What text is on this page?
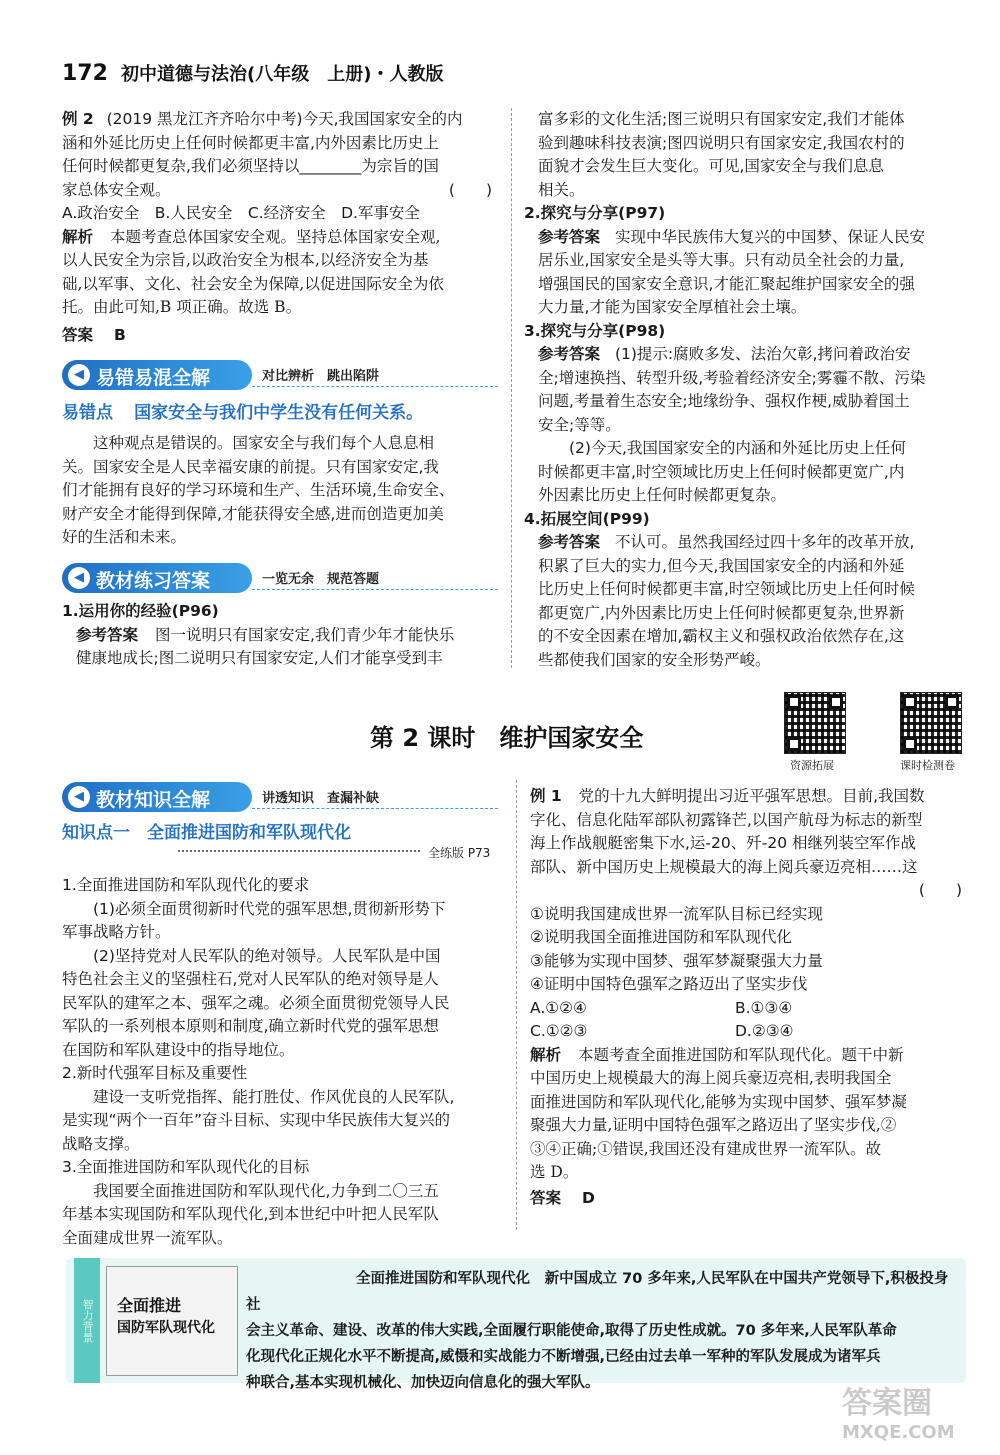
172 初中道德与法治(八年级　上册)・人教版
例 2 (2019 黑龙江齐齐哈尔中考)今天,我国国家安全的内
涵和外延比历史上任何时候都更丰富,内外因素比历史上
任何时候都更复杂,我们必须坚持以________为宗旨的国
家总体安全观。	(　　)
A.政治安全　B.人民安全　C.经济安全　D.军事安全
解析 本题考查总体国家安全观。坚持总体国家安全观,
以人民安全为宗旨,以政治安全为根本,以经济安全为基
础,以军事、文化、社会安全为保障,以促进国际安全为依
托。由此可知,B 项正确。故选 B。
答案 B
◀ 易错易混全解	对比辨析　跳出陷阱
易错点 国家安全与我们中学生没有任何关系。
这种观点是错误的。国家安全与我们每个人息息相
关。国家安全是人民幸福安康的前提。只有国家安定,我
们才能拥有良好的学习环境和生产、生活环境,生命安全、
财产安全才能得到保障,才能获得安全感,进而创造更加美
好的生活和未来。
◀ 教材练习答案	一览无余　规范答题
1.运用你的经验(P96)
参考答案 图一说明只有国家安定,我们青少年才能快乐
健康地成长;图二说明只有国家安定,人们才能享受到丰
富多彩的文化生活;图三说明只有国家安定,我们才能体
验到趣味科技表演;图四说明只有国家安定,我国农村的
面貌才会发生巨大变化。可见,国家安全与我们息息
相关。
2.探究与分享(P97)
参考答案 实现中华民族伟大复兴的中国梦、保证人民安
居乐业,国家安全是头等大事。只有动员全社会的力量,
增强国民的国家安全意识,才能汇聚起维护国家安全的强
大力量,才能为国家安全厚植社会土壤。
3.探究与分享(P98)
参考答案 (1)提示:腐败多发、法治欠彰,拷问着政治安
全;增速换挡、转型升级,考验着经济安全;雾霾不散、污染
问题,考量着生态安全;地缘纷争、强权作梗,威胁着国土
安全;等等。
(2)今天,我国国家安全的内涵和外延比历史上任何
时候都更丰富,时空领域比历史上任何时候都更宽广,内
外因素比历史上任何时候都更复杂。
4.拓展空间(P99)
参考答案 不认可。虽然我国经过四十多年的改革开放,
积累了巨大的实力,但今天,我国国家安全的内涵和外延
比历史上任何时候都更丰富,时空领域比历史上任何时候
都更宽广,内外因素比历史上任何时候都更复杂,世界新
的不安全因素在增加,霸权主义和强权政治依然存在,这
些都使我们国家的安全形势严峻。
第 2 课时　维护国家安全
资源拓展	课时检测卷
◀ 教材知识全解	讲透知识　查漏补缺
知识点一　全面推进国防和军队现代化
全练版 P73
1.全面推进国防和军队现代化的要求
(1)必须全面贯彻新时代党的强军思想,贯彻新形势下
军事战略方针。
(2)坚持党对人民军队的绝对领导。人民军队是中国
特色社会主义的坚强柱石,党对人民军队的绝对领导是人
民军队的建军之本、强军之魂。必须全面贯彻党领导人民
军队的一系列根本原则和制度,确立新时代党的强军思想
在国防和军队建设中的指导地位。
2.新时代强军目标及重要性
建设一支听党指挥、能打胜仗、作风优良的人民军队,
是实现“两个一百年”奋斗目标、实现中华民族伟大复兴的
战略支撑。
3.全面推进国防和军队现代化的目标
我国要全面推进国防和军队现代化,力争到二〇三五
年基本实现国防和军队现代化,到本世纪中叶把人民军队
全面建成世界一流军队。
例 1 党的十九大鲜明提出习近平强军思想。目前,我国数
字化、信息化陆军部队初露锋芒,以国产航母为标志的新型
海上作战舰艇密集下水,运-20、歼-20 相继列装空军作战
部队、新中国历史上规模最大的海上阅兵豪迈亮相……这
(　　)
①说明我国建成世界一流军队目标已经实现
②说明我国全面推进国防和军队现代化
③能够为实现中国梦、强军梦凝聚强大力量
④证明中国特色强军之路迈出了坚实步伐
A.①②④	B.①③④
C.①②③	D.②③④
解析 本题考查全面推进国防和军队现代化。题干中新
中国历史上规模最大的海上阅兵豪迈亮相,表明我国全
面推进国防和军队现代化,能够为实现中国梦、强军梦凝
聚强大力量,证明中国特色强军之路迈出了坚实步伐,②
③④正确;①错误,我国还没有建成世界一流军队。故
选 D。
答案 D
智力背景	全面推进
国防军队现代化
全面推进国防和军队现代化 新中国成立 70 多年来,人民军队在中国共产党领导下,积极投身社
会主义革命、建设、改革的伟大实践,全面履行职能使命,取得了历史性成就。70 多年来,人民军队革命
化现代化正规化水平不断提高,威慑和实战能力不断增强,已经由过去单一军种的军队发展成为诸军兵
种联合,基本实现机械化、加快迈向信息化的强大军队。
答案圈
MXQE.COM
